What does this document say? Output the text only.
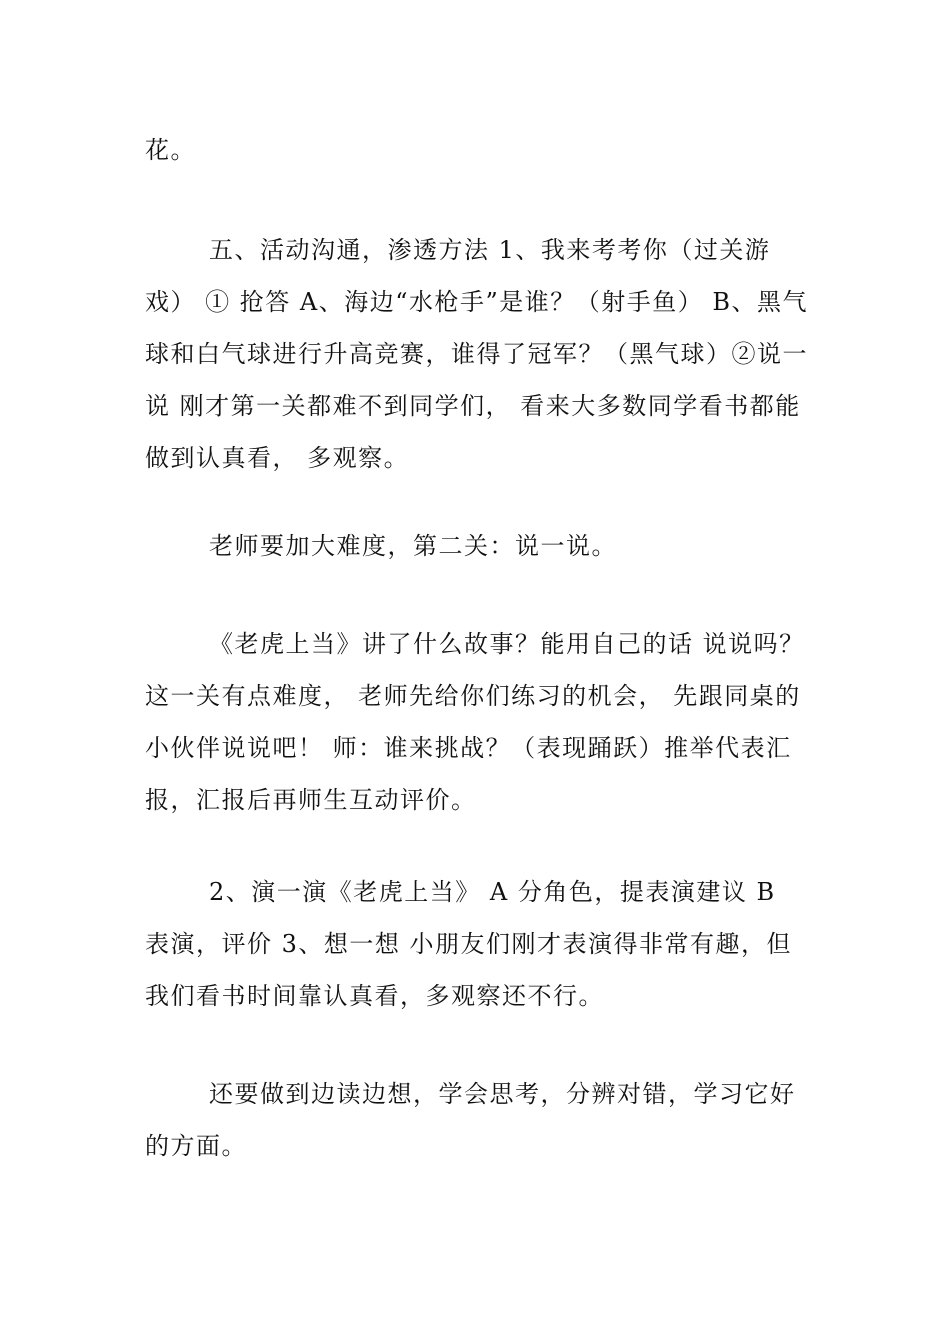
花。

五、活动沟通，渗透方法 1、我来考考你（过关游戏） ① 抢答 A、海边“水枪手”是谁？（射手鱼） B、黑气球和白气球进行升高竞赛，谁得了冠军？（黑气球）②说一说 刚才第一关都难不到同学们， 看来大多数同学看书都能做到认真看， 多观察。

老师要加大难度，第二关：说一说。

《老虎上当》讲了什么故事？能用自己的话 说说吗？这一关有点难度， 老师先给你们练习的机会， 先跟同桌的小伙伴说说吧！ 师：谁来挑战？（表现踊跃）推举代表汇报，汇报后再师生互动评价。

2、演一演《老虎上当》 A 分角色，提表演建议 B 表演，评价 3、想一想 小朋友们刚才表演得非常有趣，但我们看书时间靠认真看，多观察还不行。

还要做到边读边想，学会思考，分辨对错，学习它好的方面。
